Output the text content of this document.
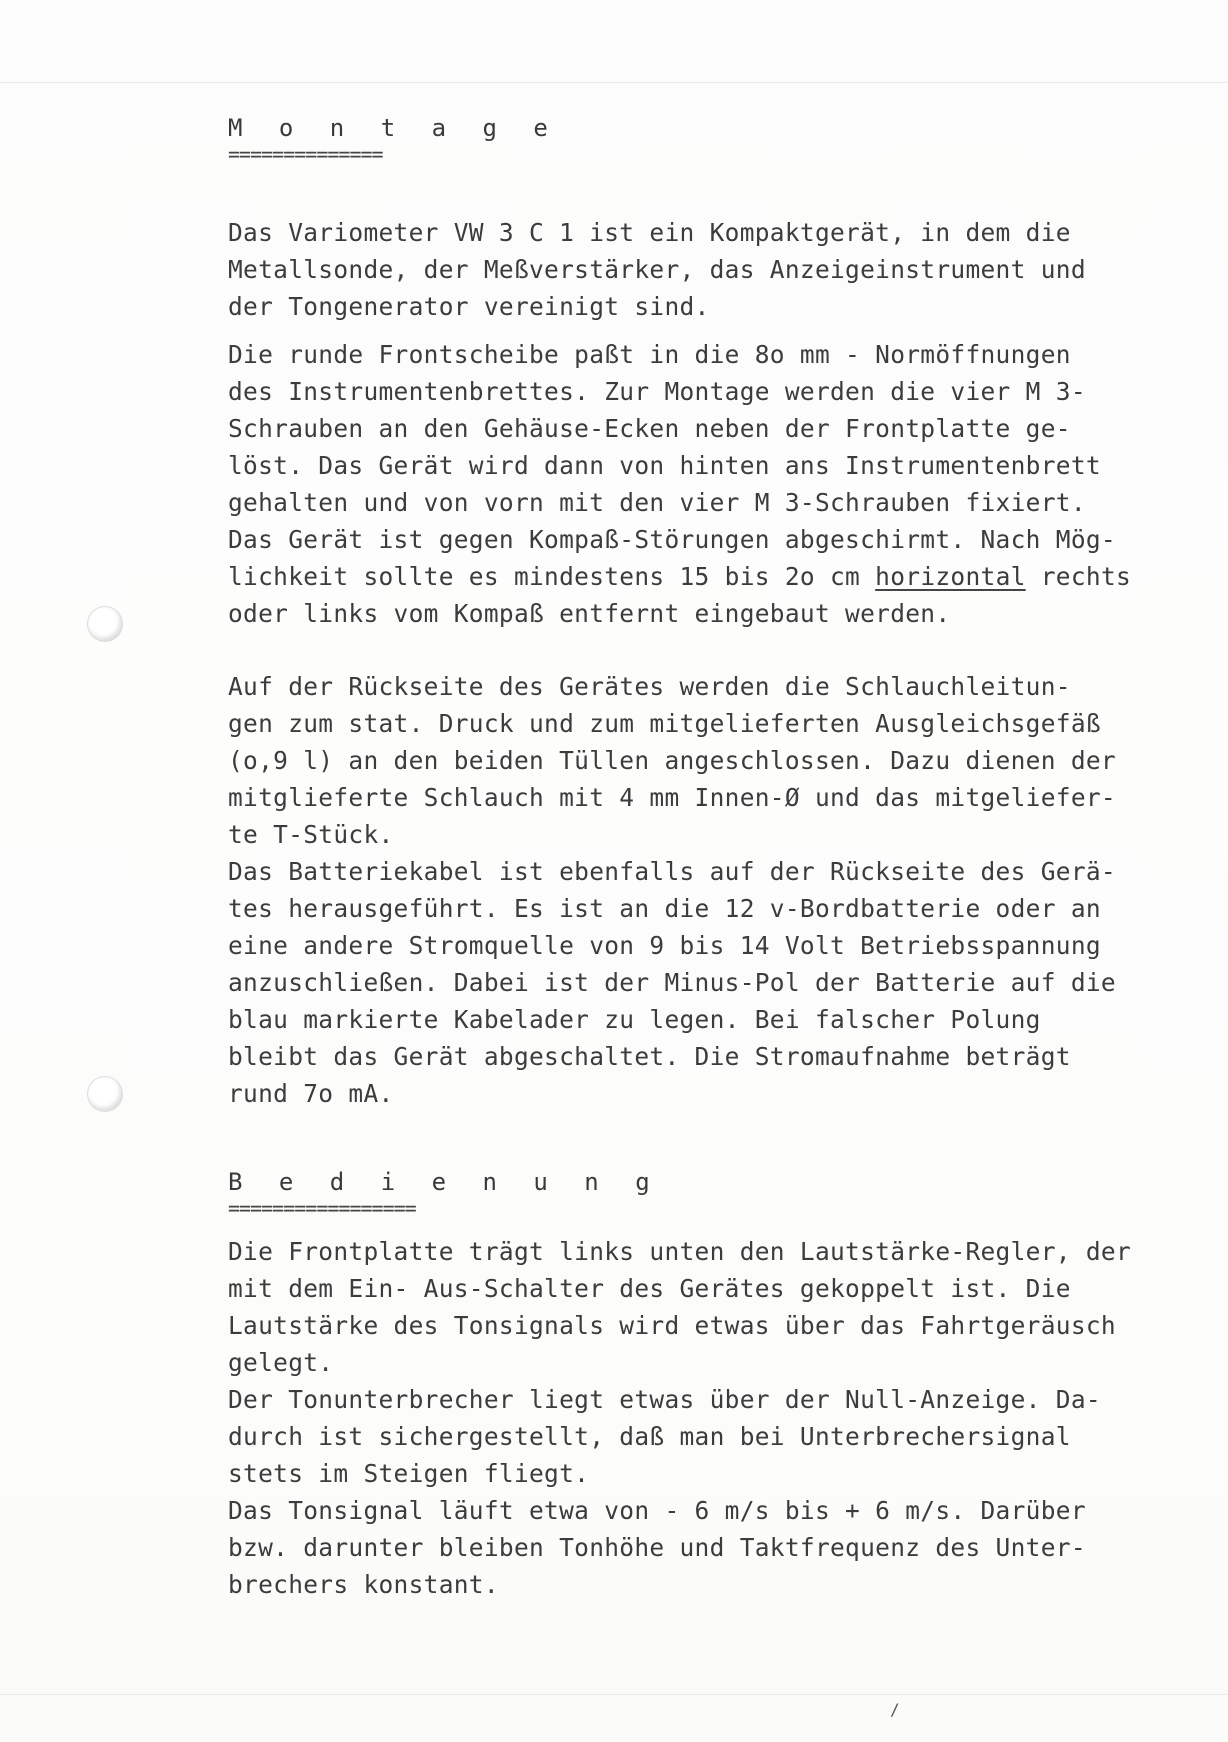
M o n t a g e
==============
Das Variometer VW 3 C 1 ist ein Kompaktgerät, in dem die
Metallsonde, der Meßverstärker, das Anzeigeinstrument und
der Tongenerator vereinigt sind.
Die runde Frontscheibe paßt in die 8o mm - Normöffnungen
des Instrumentenbrettes. Zur Montage werden die vier M 3-
Schrauben an den Gehäuse-Ecken neben der Frontplatte ge-
löst. Das Gerät wird dann von hinten ans Instrumentenbrett
gehalten und von vorn mit den vier M 3-Schrauben fixiert.
Das Gerät ist gegen Kompaß-Störungen abgeschirmt. Nach Mög-
lichkeit sollte es mindestens 15 bis 2o cm horizontal rechts
oder links vom Kompaß entfernt eingebaut werden.
Auf der Rückseite des Gerätes werden die Schlauchleitun-
gen zum stat. Druck und zum mitgelieferten Ausgleichsgefäß
(o,9 l) an den beiden Tüllen angeschlossen. Dazu dienen der
mitglieferte Schlauch mit 4 mm Innen-Ø und das mitgeliefer-
te T-Stück.
Das Batteriekabel ist ebenfalls auf der Rückseite des Gerä-
tes herausgeführt. Es ist an die 12 v-Bordbatterie oder an
eine andere Stromquelle von 9 bis 14 Volt Betriebsspannung
anzuschließen. Dabei ist der Minus-Pol der Batterie auf die
blau markierte Kabelader zu legen. Bei falscher Polung
bleibt das Gerät abgeschaltet. Die Stromaufnahme beträgt
rund 7o mA.
B e d i e n u n g
=================
Die Frontplatte trägt links unten den Lautstärke-Regler, der
mit dem Ein- Aus-Schalter des Gerätes gekoppelt ist. Die
Lautstärke des Tonsignals wird etwas über das Fahrtgeräusch
gelegt.
Der Tonunterbrecher liegt etwas über der Null-Anzeige. Da-
durch ist sichergestellt, daß man bei Unterbrechersignal
stets im Steigen fliegt.
Das Tonsignal läuft etwa von - 6 m/s bis + 6 m/s. Darüber
bzw. darunter bleiben Tonhöhe und Taktfrequenz des Unter-
brechers konstant.
/
